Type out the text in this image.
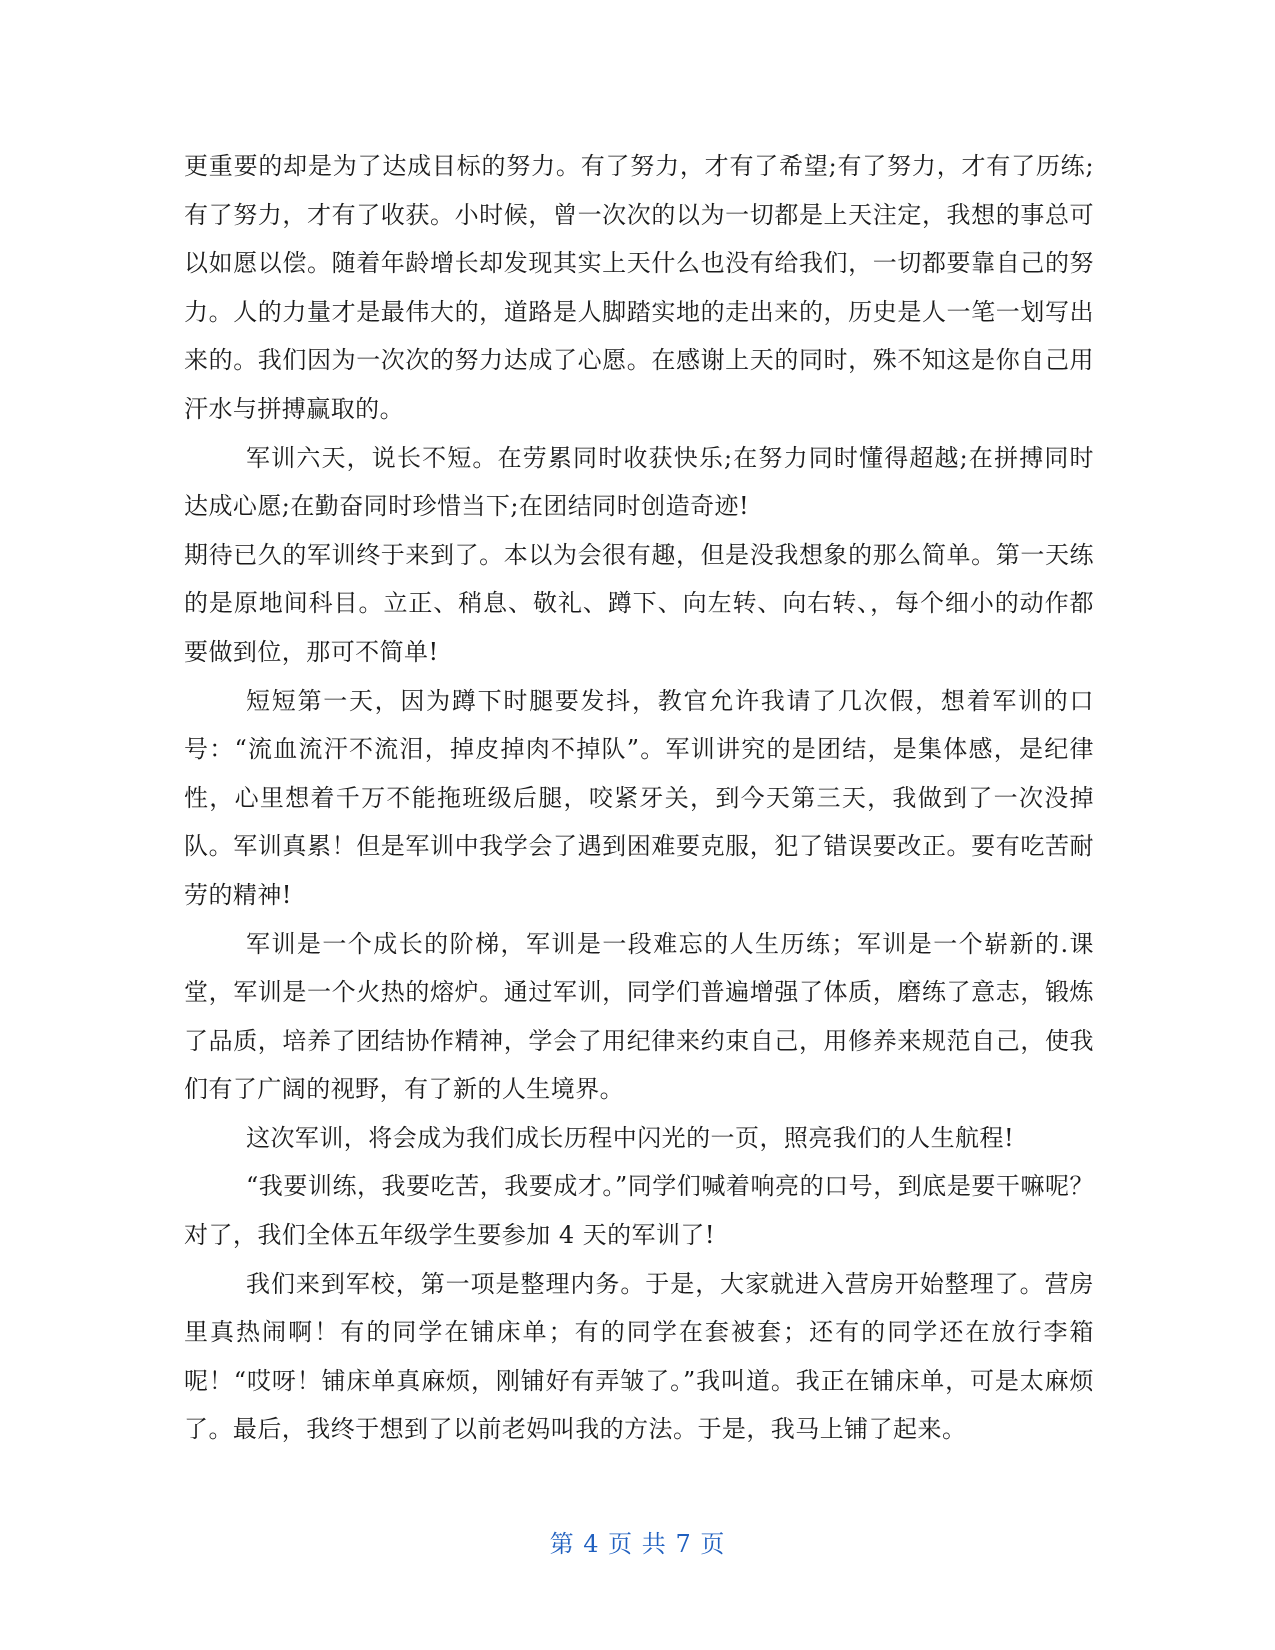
更重要的却是为了达成目标的努力。有了努力，才有了希望;有了努力，才有了历练;有了努力，才有了收获。小时候，曾一次次的以为一切都是上天注定，我想的事总可以如愿以偿。随着年龄增长却发现其实上天什么也没有给我们，一切都要靠自己的努力。人的力量才是最伟大的，道路是人脚踏实地的走出来的，历史是人一笔一划写出来的。我们因为一次次的努力达成了心愿。在感谢上天的同时，殊不知这是你自己用汗水与拼搏赢取的。

军训六天，说长不短。在劳累同时收获快乐;在努力同时懂得超越;在拼搏同时达成心愿;在勤奋同时珍惜当下;在团结同时创造奇迹!

期待已久的军训终于来到了。本以为会很有趣，但是没我想象的那么简单。第一天练的是原地间科目。立正、稍息、敬礼、蹲下、向左转、向右转、，每个细小的动作都要做到位，那可不简单!

短短第一天，因为蹲下时腿要发抖，教官允许我请了几次假，想着军训的口号：“流血流汗不流泪，掉皮掉肉不掉队”。军训讲究的是团结，是集体感，是纪律性，心里想着千万不能拖班级后腿，咬紧牙关，到今天第三天，我做到了一次没掉队。军训真累！但是军训中我学会了遇到困难要克服，犯了错误要改正。要有吃苦耐劳的精神!

军训是一个成长的阶梯，军训是一段难忘的人生历练；军训是一个崭新的.课堂，军训是一个火热的熔炉。通过军训，同学们普遍增强了体质，磨练了意志，锻炼了品质，培养了团结协作精神，学会了用纪律来约束自己，用修养来规范自己，使我们有了广阔的视野，有了新的人生境界。

这次军训，将会成为我们成长历程中闪光的一页，照亮我们的人生航程!

“我要训练，我要吃苦，我要成才。”同学们喊着响亮的口号，到底是要干嘛呢？对了，我们全体五年级学生要参加 4 天的军训了!

我们来到军校，第一项是整理内务。于是，大家就进入营房开始整理了。营房里真热闹啊！有的同学在铺床单；有的同学在套被套；还有的同学还在放行李箱呢！“哎呀！铺床单真麻烦，刚铺好有弄皱了。”我叫道。我正在铺床单，可是太麻烦了。最后，我终于想到了以前老妈叫我的方法。于是，我马上铺了起来。

第 4 页 共 7 页
